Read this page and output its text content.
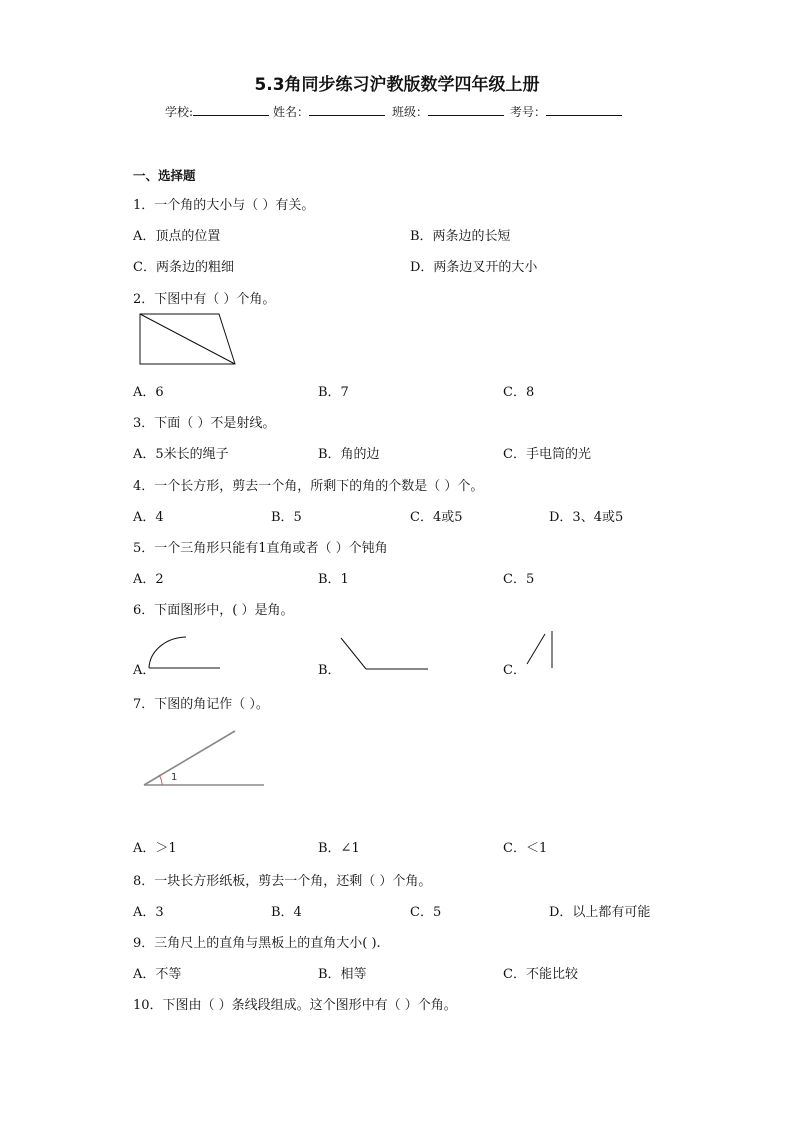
5.3角同步练习沪教版数学四年级上册
学校:	姓名：	班级：	考号：
一、选择题
1．一个角的大小与（ ）有关。
A．顶点的位置	B．两条边的长短
C．两条边的粗细	D．两条边叉开的大小
2．下图中有（ ）个角。
A．6	B．7	C．8
3．下面（ ）不是射线。
A．5米长的绳子	B．角的边	C．手电筒的光
4．一个长方形，剪去一个角，所剩下的角的个数是（ ）个。
A．4	B．5	C．4或5	D．3、4或5
5．一个三角形只能有1直角或者（ ）个钝角
A．2	B．1	C．5
6．下面图形中，( ）是角。
A．	B．	C．
7．下图的角记作（ ）。
1
A．＞1	B．∠1	C．＜1
8．一块长方形纸板，剪去一个角，还剩（ ）个角。
A．3	B．4	C．5	D．以上都有可能
9．三角尺上的直角与黑板上的直角大小( ).
A．不等	B．相等	C．不能比较
10．下图由（ ）条线段组成。这个图形中有（ ）个角。
